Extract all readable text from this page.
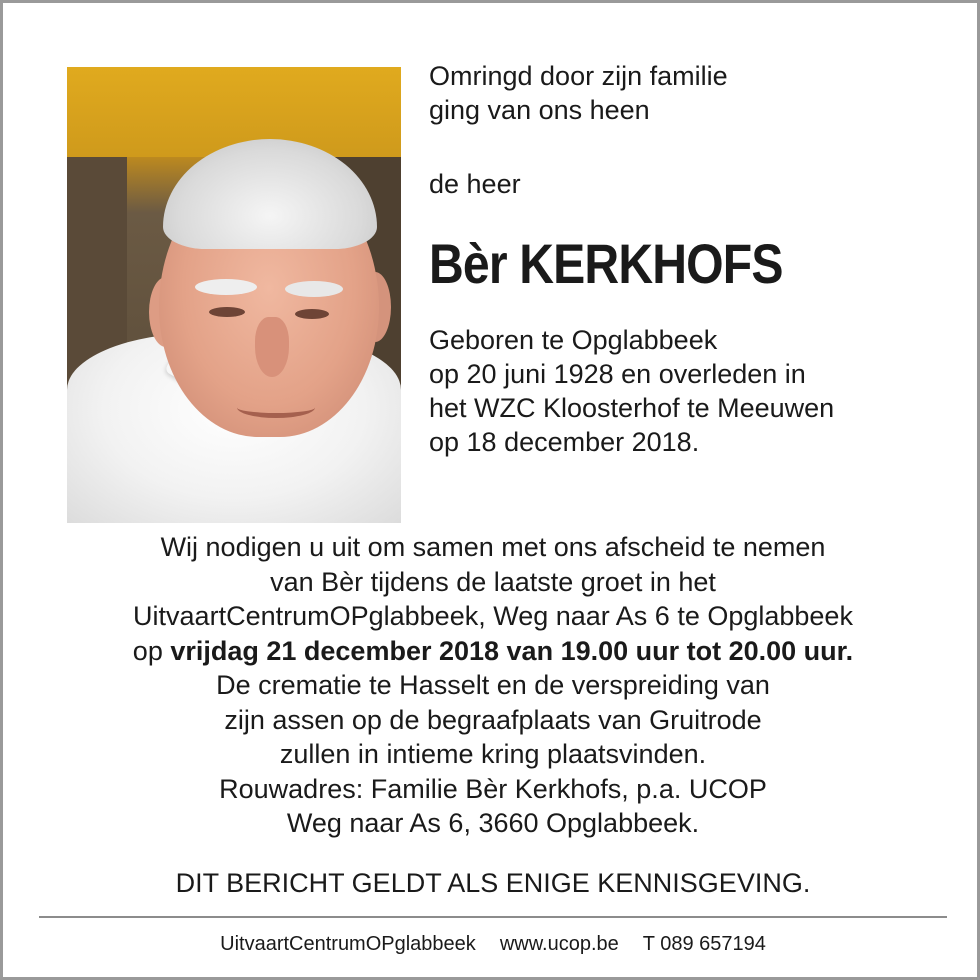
Omringd door zijn familie
ging van ons heen

de heer

Bèr KERKHOFS

Geboren te Opglabbeek
op 20 juni 1928 en overleden in
het WZC Kloosterhof te Meeuwen
op 18 december 2018.

Wij nodigen u uit om samen met ons afscheid te nemen
van Bèr tijdens de laatste groet in het
UitvaartCentrumOPglabbeek, Weg naar As 6 te Opglabbeek
op vrijdag 21 december 2018 van 19.00 uur tot 20.00 uur.
De crematie te Hasselt en de verspreiding van
zijn assen op de begraafplaats van Gruitrode
zullen in intieme kring plaatsvinden.
Rouwadres: Familie Bèr Kerkhofs, p.a. UCOP
Weg naar As 6, 3660 Opglabbeek.
DIT BERICHT GELDT ALS ENIGE KENNISGEVING.
UitvaartCentrumOPglabbeek www.ucop.be T 089 657194
